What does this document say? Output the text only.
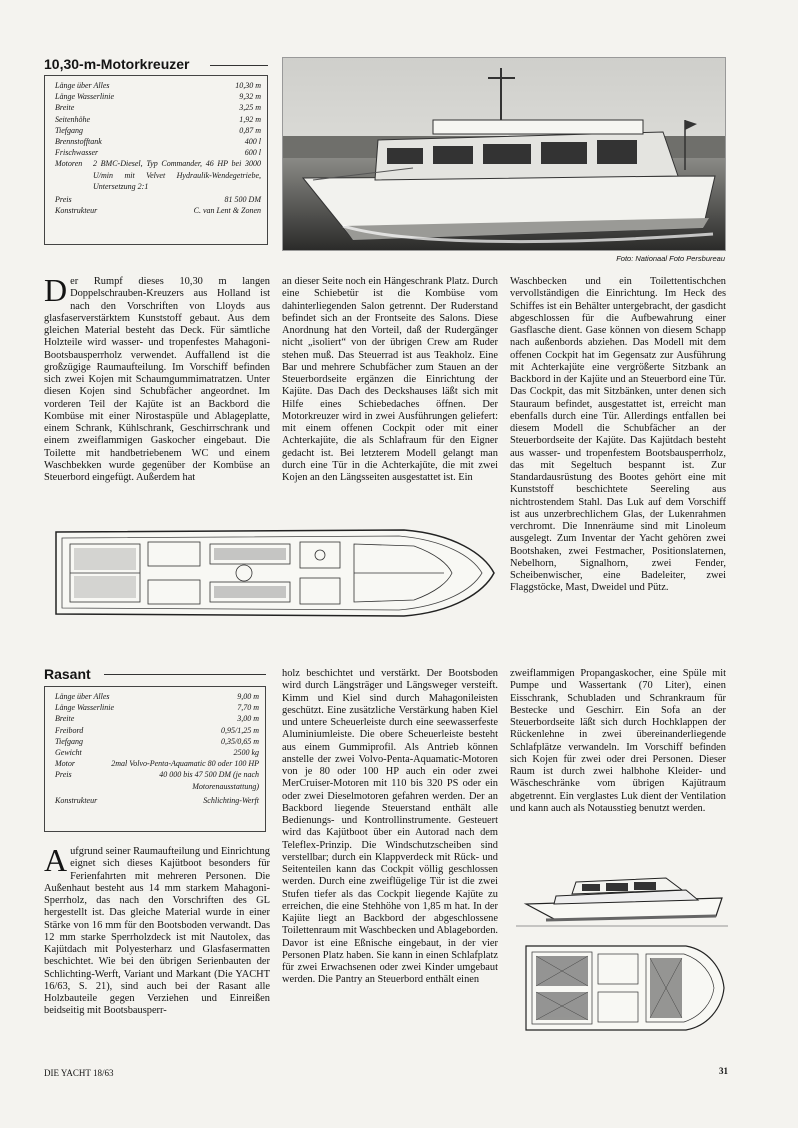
10,30-m-Motorkreuzer
Länge über Alles	10,30 m
Länge Wasserlinie	9,32 m
Breite	3,25 m
Seitenhöhe	1,92 m
Tiefgang	0,87 m
Brennstofftank	400 l
Frischwasser	600 l
Motoren	2 BMC-Diesel, Typ Commander, 46 HP bei 3000 U/min mit Velvet Hydraulik-Wendegetriebe, Untersetzung 2:1
Preis	81 500 DM
Konstrukteur	C. van Lent & Zonen
Foto: Nationaal Foto Persbureau

Der Rumpf dieses 10,30 m langen Doppelschrauben-Kreuzers aus Holland ist nach den Vorschriften von Lloyds aus glasfaserverstärktem Kunststoff gebaut. Aus dem gleichen Material besteht das Deck. Für sämtliche Holzteile wird wasser- und tropenfestes Mahagoni-Bootsbausperrholz verwendet. Auffallend ist die großzügige Raumaufteilung. Im Vorschiff befinden sich zwei Kojen mit Schaumgummimatratzen. Unter diesen Kojen sind Schubfächer angeordnet. Im vorderen Teil der Kajüte ist an Backbord die Kombüse mit einer Nirostaspüle und Ablageplatte, einem Schrank, Kühlschrank, Geschirrschrank und einem zweiflammigen Gaskocher eingebaut. Die Toilette mit handbetriebenem WC und einem Waschbekken wurde gegenüber der Kombüse an Steuerbord eingefügt. Außerdem hat

an dieser Seite noch ein Hängeschrank Platz. Durch eine Schiebetür ist die Kombüse vom dahinterliegenden Salon getrennt. Der Ruderstand befindet sich an der Frontseite des Salons. Diese Anordnung hat den Vorteil, daß der Rudergänger nicht „isoliert“ von der übrigen Crew am Ruder stehen muß. Das Steuerrad ist aus Teakholz. Eine Bar und mehrere Schubfächer zum Stauen an der Steuerbordseite ergänzen die Einrichtung der Kajüte. Das Dach des Deckshauses läßt sich mit Hilfe eines Schiebedaches öffnen. Der Motorkreuzer wird in zwei Ausführungen geliefert: mit einem offenen Cockpit oder mit einer Achterkajüte, die als Schlafraum für den Eigner gedacht ist. Bei letzterem Modell gelangt man durch eine Tür in die Achterkajüte, die mit zwei Kojen an den Längsseiten ausgestattet ist. Ein

Waschbecken und ein Toilettentischchen vervollständigen die Einrichtung. Im Heck des Schiffes ist ein Behälter untergebracht, der gasdicht abgeschlossen für die Aufbewahrung einer Gasflasche dient. Gase können von diesem Schapp nach außenbords abziehen. Das Modell mit dem offenen Cockpit hat im Gegensatz zur Ausführung mit Achterkajüte eine vergrößerte Sitzbank an Backbord in der Kajüte und an Steuerbord eine Tür. Das Cockpit, das mit Sitzbänken, unter denen sich Stauraum befindet, ausgestattet ist, erreicht man ebenfalls durch eine Tür. Allerdings entfallen bei diesem Modell die Schubfächer an der Steuerbordseite der Kajüte. Das Kajütdach besteht aus wasser- und tropenfestem Bootsbausperrholz, das mit Segeltuch bespannt ist. Zur Standardausrüstung des Bootes gehört eine mit Kunststoff beschichtete Seereling aus nichtrostendem Stahl. Das Luk auf dem Vorschiff ist aus unzerbrechlichem Glas, der Lukenrahmen verchromt. Die Innenräume sind mit Linoleum ausgelegt. Zum Inventar der Yacht gehören zwei Bootshaken, zwei Festmacher, Positionslaternen, Nebelhorn, Signalhorn, zwei Fender, Scheibenwischer, eine Badeleiter, zwei Flaggstöcke, Mast, Dweidel und Pütz.

Rasant
Länge über Alles	9,00 m
Länge Wasserlinie	7,70 m
Breite	3,00 m
Freibord	0,95/1,25 m
Tiefgang	0,35/0,65 m
Gewicht	2500 kg
Motor	2mal Volvo-Penta-Aquamatic 80 oder 100 HP
Preis	40 000 bis 47 500 DM (je nach Motorenausstattung)
Konstrukteur	Schlichting-Werft

Aufgrund seiner Raumaufteilung und Einrichtung eignet sich dieses Kajütboot besonders für Ferienfahrten mit mehreren Personen. Die Außenhaut besteht aus 14 mm starkem Mahagoni-Sperrholz, das nach den Vorschriften des GL hergestellt ist. Das gleiche Material wurde in einer Stärke von 16 mm für den Bootsboden verwandt. Das 12 mm starke Sperrholzdeck ist mit Nautolex, das Kajütdach mit Polyesterharz und Glasfasermatten beschichtet. Wie bei den übrigen Serienbauten der Schlichting-Werft, Variant und Markant (Die YACHT 16/63, S. 21), sind auch bei der Rasant alle Holzbauteile gegen Verziehen und Einreißen beidseitig mit Bootsbausperr-

holz beschichtet und verstärkt. Der Bootsboden wird durch Längsträger und Längsweger versteift. Kimm und Kiel sind durch Mahagonileisten geschützt. Eine zusätzliche Verstärkung haben Kiel und untere Scheuerleiste durch eine seewasserfeste Aluminiumleiste. Die obere Scheuerleiste besteht aus einem Gummiprofil. Als Antrieb können anstelle der zwei Volvo-Penta-Aquamatic-Motoren von je 80 oder 100 HP auch ein oder zwei MerCruiser-Motoren mit 110 bis 320 PS oder ein oder zwei Dieselmotoren gefahren werden. Der an Backbord liegende Steuerstand enthält alle Bedienungs- und Kontrollinstrumente. Gesteuert wird das Kajütboot über ein Autorad nach dem Teleflex-Prinzip. Die Windschutzscheiben sind verstellbar; durch ein Klappverdeck mit Rück- und Seitenteilen kann das Cockpit völlig geschlossen werden. Durch eine zweiflügelige Tür ist die zwei Stufen tiefer als das Cockpit liegende Kajüte zu erreichen, die eine Stehhöhe von 1,85 m hat. In der Kajüte liegt an Backbord der abgeschlossene Toilettenraum mit Waschbecken und Ablageborden. Davor ist eine Eßnische eingebaut, in der vier Personen Platz haben. Sie kann in einen Schlafplatz für zwei Erwachsenen oder zwei Kinder umgebaut werden. Die Pantry an Steuerbord enthält einen

zweiflammigen Propangaskocher, eine Spüle mit Pumpe und Wassertank (70 Liter), einen Eisschrank, Schubladen und Schrankraum für Bestecke und Geschirr. Ein Sofa an der Steuerbordseite läßt sich durch Hochklappen der Rückenlehne in zwei übereinanderliegende Schlafplätze verwandeln. Im Vorschiff befinden sich Kojen für zwei oder drei Personen. Dieser Raum ist durch zwei halbhohe Kleider- und Wäscheschränke vom übrigen Kajütraum abgetrennt. Ein verglastes Luk dient der Ventilation und kann auch als Notausstieg benutzt werden.

DIE YACHT 18/63	31
